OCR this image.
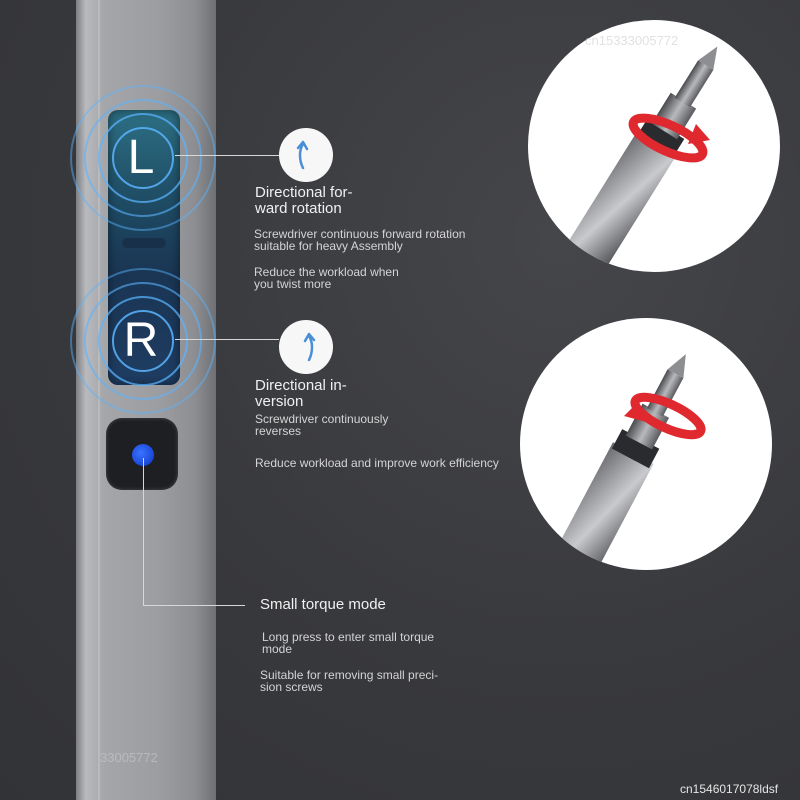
L
R
Directional for-
ward rotation
Screwdriver continuous forward rotation
suitable for heavy Assembly
Reduce the workload when
you twist more
Directional in-
version
Screwdriver continuously
reverses
Reduce workload and improve work efficiency
Small torque mode
Long press to enter small torque
mode
Suitable for removing small preci-
sion screws
cn15333005772
33005772
cn1546017078ldsf
